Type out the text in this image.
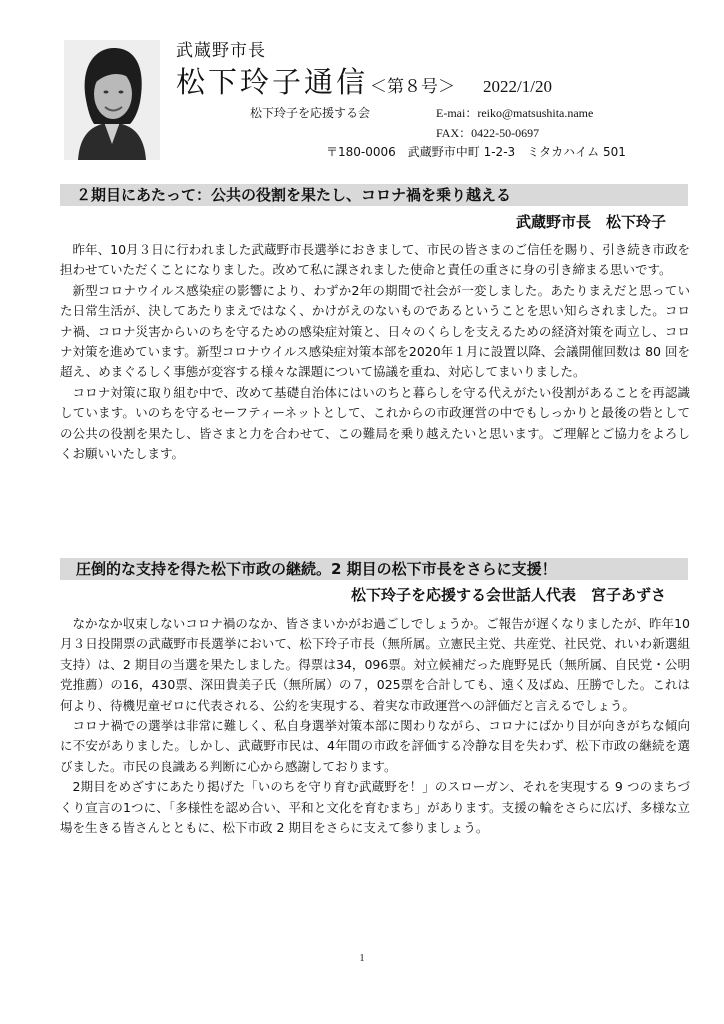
武蔵野市長
松下玲子通信 ＜第８号＞ 2022/1/20
松下玲子を応援する会	E-mai：reiko@matsushita.name
FAX：0422-50-0697
〒180-0006　武蔵野市中町 1-2-3　ミタカハイム 501
２期目にあたって：公共の役割を果たし、コロナ禍を乗り越える
武蔵野市長　松下玲子

昨年、10月３日に行われました武蔵野市長選挙におきまして、市民の皆さまのご信任を賜り、引き続き市政を担わせていただくことになりました。改めて私に課されました使命と責任の重さに身の引き締まる思いです。

新型コロナウイルス感染症の影響により、わずか2年の期間で社会が一変しました。あたりまえだと思っていた日常生活が、決してあたりまえではなく、かけがえのないものであるということを思い知らされました。コロナ禍、コロナ災害からいのちを守るための感染症対策と、日々のくらしを支えるための経済対策を両立し、コロナ対策を進めています。新型コロナウイルス感染症対策本部を2020年１月に設置以降、会議開催回数は 80 回を超え、めまぐるしく事態が変容する様々な課題について協議を重ね、対応してまいりました。

コロナ対策に取り組む中で、改めて基礎自治体にはいのちと暮らしを守る代えがたい役割があることを再認識しています。いのちを守るセーフティーネットとして、これからの市政運営の中でもしっかりと最後の砦としての公共の役割を果たし、皆さまと力を合わせて、この難局を乗り越えたいと思います。ご理解とご協力をよろしくお願いいたします。

圧倒的な支持を得た松下市政の継続。2 期目の松下市長をさらに支援！
松下玲子を応援する会世話人代表　宮子あずさ

なかなか収束しないコロナ禍のなか、皆さまいかがお過ごしでしょうか。ご報告が遅くなりましたが、昨年10月３日投開票の武蔵野市長選挙において、松下玲子市長（無所属。立憲民主党、共産党、社民党、れいわ新選組支持）は、2 期目の当選を果たしました。得票は34，096票。対立候補だった鹿野晃氏（無所属、自民党・公明党推薦）の16，430票、深田貴美子氏（無所属）の７，025票を合計しても、遠く及ばぬ、圧勝でした。これは何より、待機児童ゼロに代表される、公約を実現する、着実な市政運営への評価だと言えるでしょう。

コロナ禍での選挙は非常に難しく、私自身選挙対策本部に関わりながら、コロナにばかり目が向きがちな傾向に不安がありました。しかし、武蔵野市民は、4年間の市政を評価する冷静な目を失わず、松下市政の継続を選びました。市民の良識ある判断に心から感謝しております。

2期目をめざすにあたり掲げた「いのちを守り育む武蔵野を！」のスローガン、それを実現する 9 つのまちづくり宣言の1つに、「多様性を認め合い、平和と文化を育むまち」があります。支援の輪をさらに広げ、多様な立場を生きる皆さんとともに、松下市政 2 期目をさらに支えて参りましょう。

1
